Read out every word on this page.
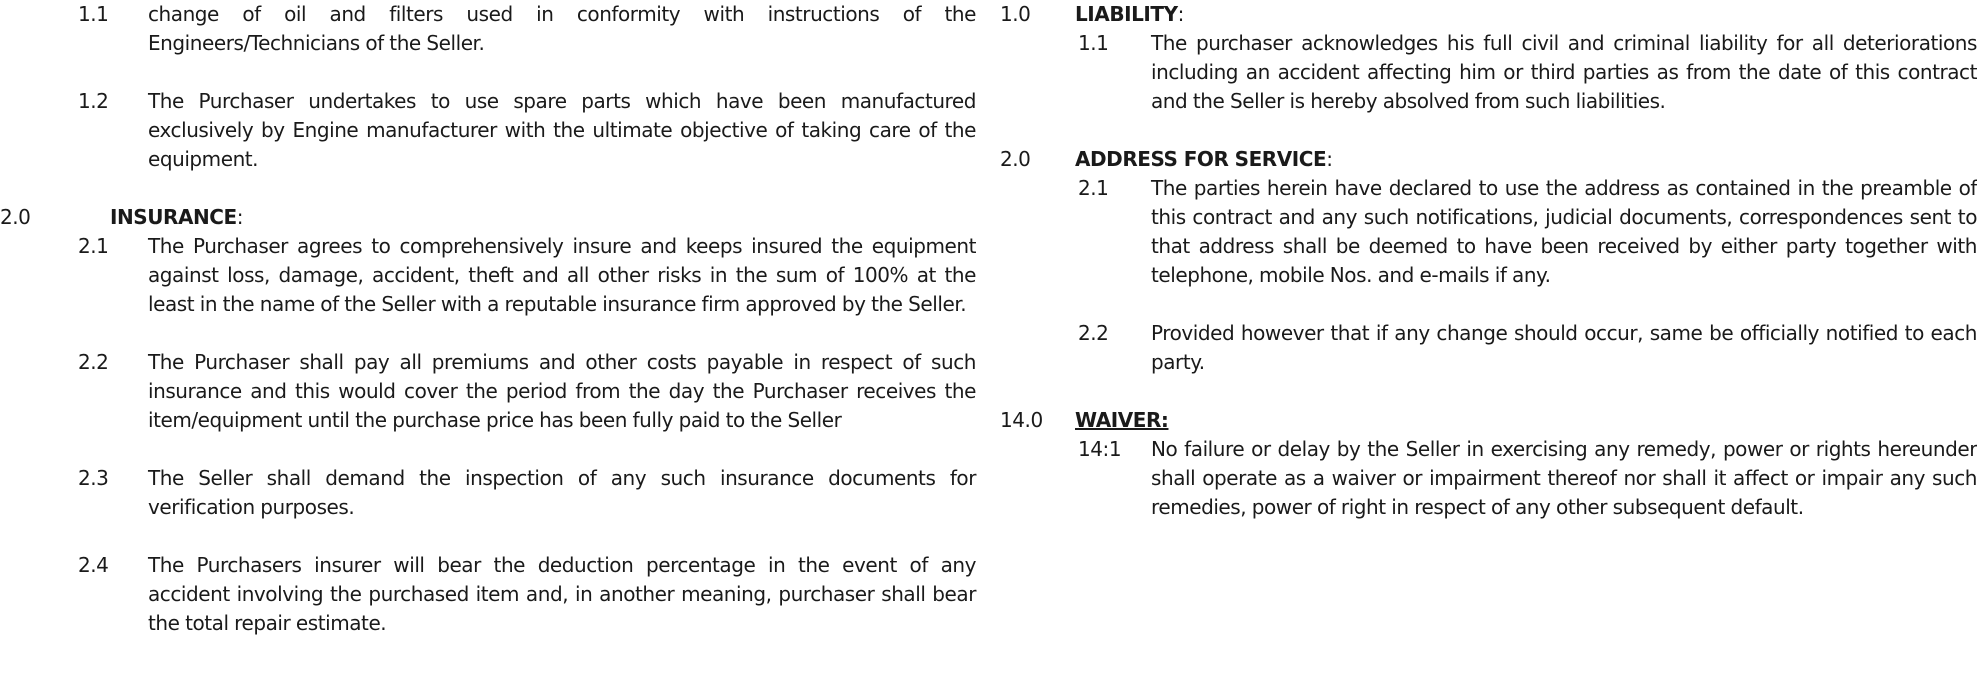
1.1 change of oil and filters used in conformity with instructions of the Engineers/Technicians of the Seller.
1.2 The Purchaser undertakes to use spare parts which have been manufactured exclusively by Engine manufacturer with the ultimate objective of taking care of the equipment.
2.0	INSURANCE:
2.1 The Purchaser agrees to comprehensively insure and keeps insured the equipment against loss, damage, accident, theft and all other risks in the sum of 100% at the least in the name of the Seller with a reputable insurance firm approved by the Seller.
2.2 The Purchaser shall pay all premiums and other costs payable in respect of such insurance and this would cover the period from the day the Purchaser receives the item/equipment until the purchase price has been fully paid to the Seller
2.3 The Seller shall demand the inspection of any such insurance documents for verification purposes.
2.4 The Purchasers insurer will bear the deduction percentage in the event of any accident involving the purchased item and, in another meaning, purchaser shall bear the total repair estimate.
1.0 LIABILITY:
1.1 The purchaser acknowledges his full civil and criminal liability for all deteriorations including an accident affecting him or third parties as from the date of this contract and the Seller is hereby absolved from such liabilities.
2.0 ADDRESS FOR SERVICE:
2.1 The parties herein have declared to use the address as contained in the preamble of this contract and any such notifications, judicial documents, correspondences sent to that address shall be deemed to have been received by either party together with telephone, mobile Nos. and e-mails if any.
2.2 Provided however that if any change should occur, same be officially notified to each party.
14.0 WAIVER:
14:1 No failure or delay by the Seller in exercising any remedy, power or rights hereunder shall operate as a waiver or impairment thereof nor shall it affect or impair any such remedies, power of right in respect of any other subsequent default.
